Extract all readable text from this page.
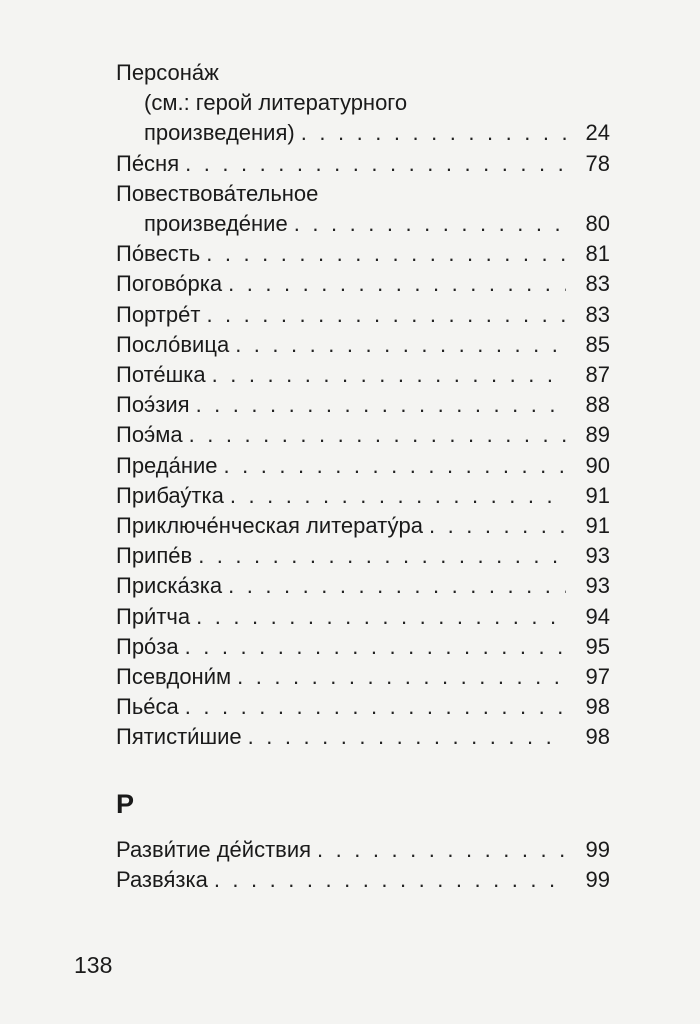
Персона́ж
(см.: герой литературного
произведения) . . .	24
Пе́сня . . .	78
Повествова́тельное
произведе́ние . . .	80
По́весть . . .	81
Погово́рка . . .	83
Портре́т . . .	83
Посло́вица . . .	85
Поте́шка . . .	87
Поэ́зия . . .	88
Поэ́ма . . .	89
Преда́ние . . .	90
Прибау́тка . . .	91
Приключе́нческая литерату́ра . . .	91
Припе́в . . .	93
Приска́зка . . .	93
При́тча . . .	94
Про́за . . .	95
Псевдони́м . . .	97
Пье́са . . .	98
Пятисти́шие . . .	98
Р
Разви́тие де́йствия . . .	99
Развя́зка . . .	99
138
